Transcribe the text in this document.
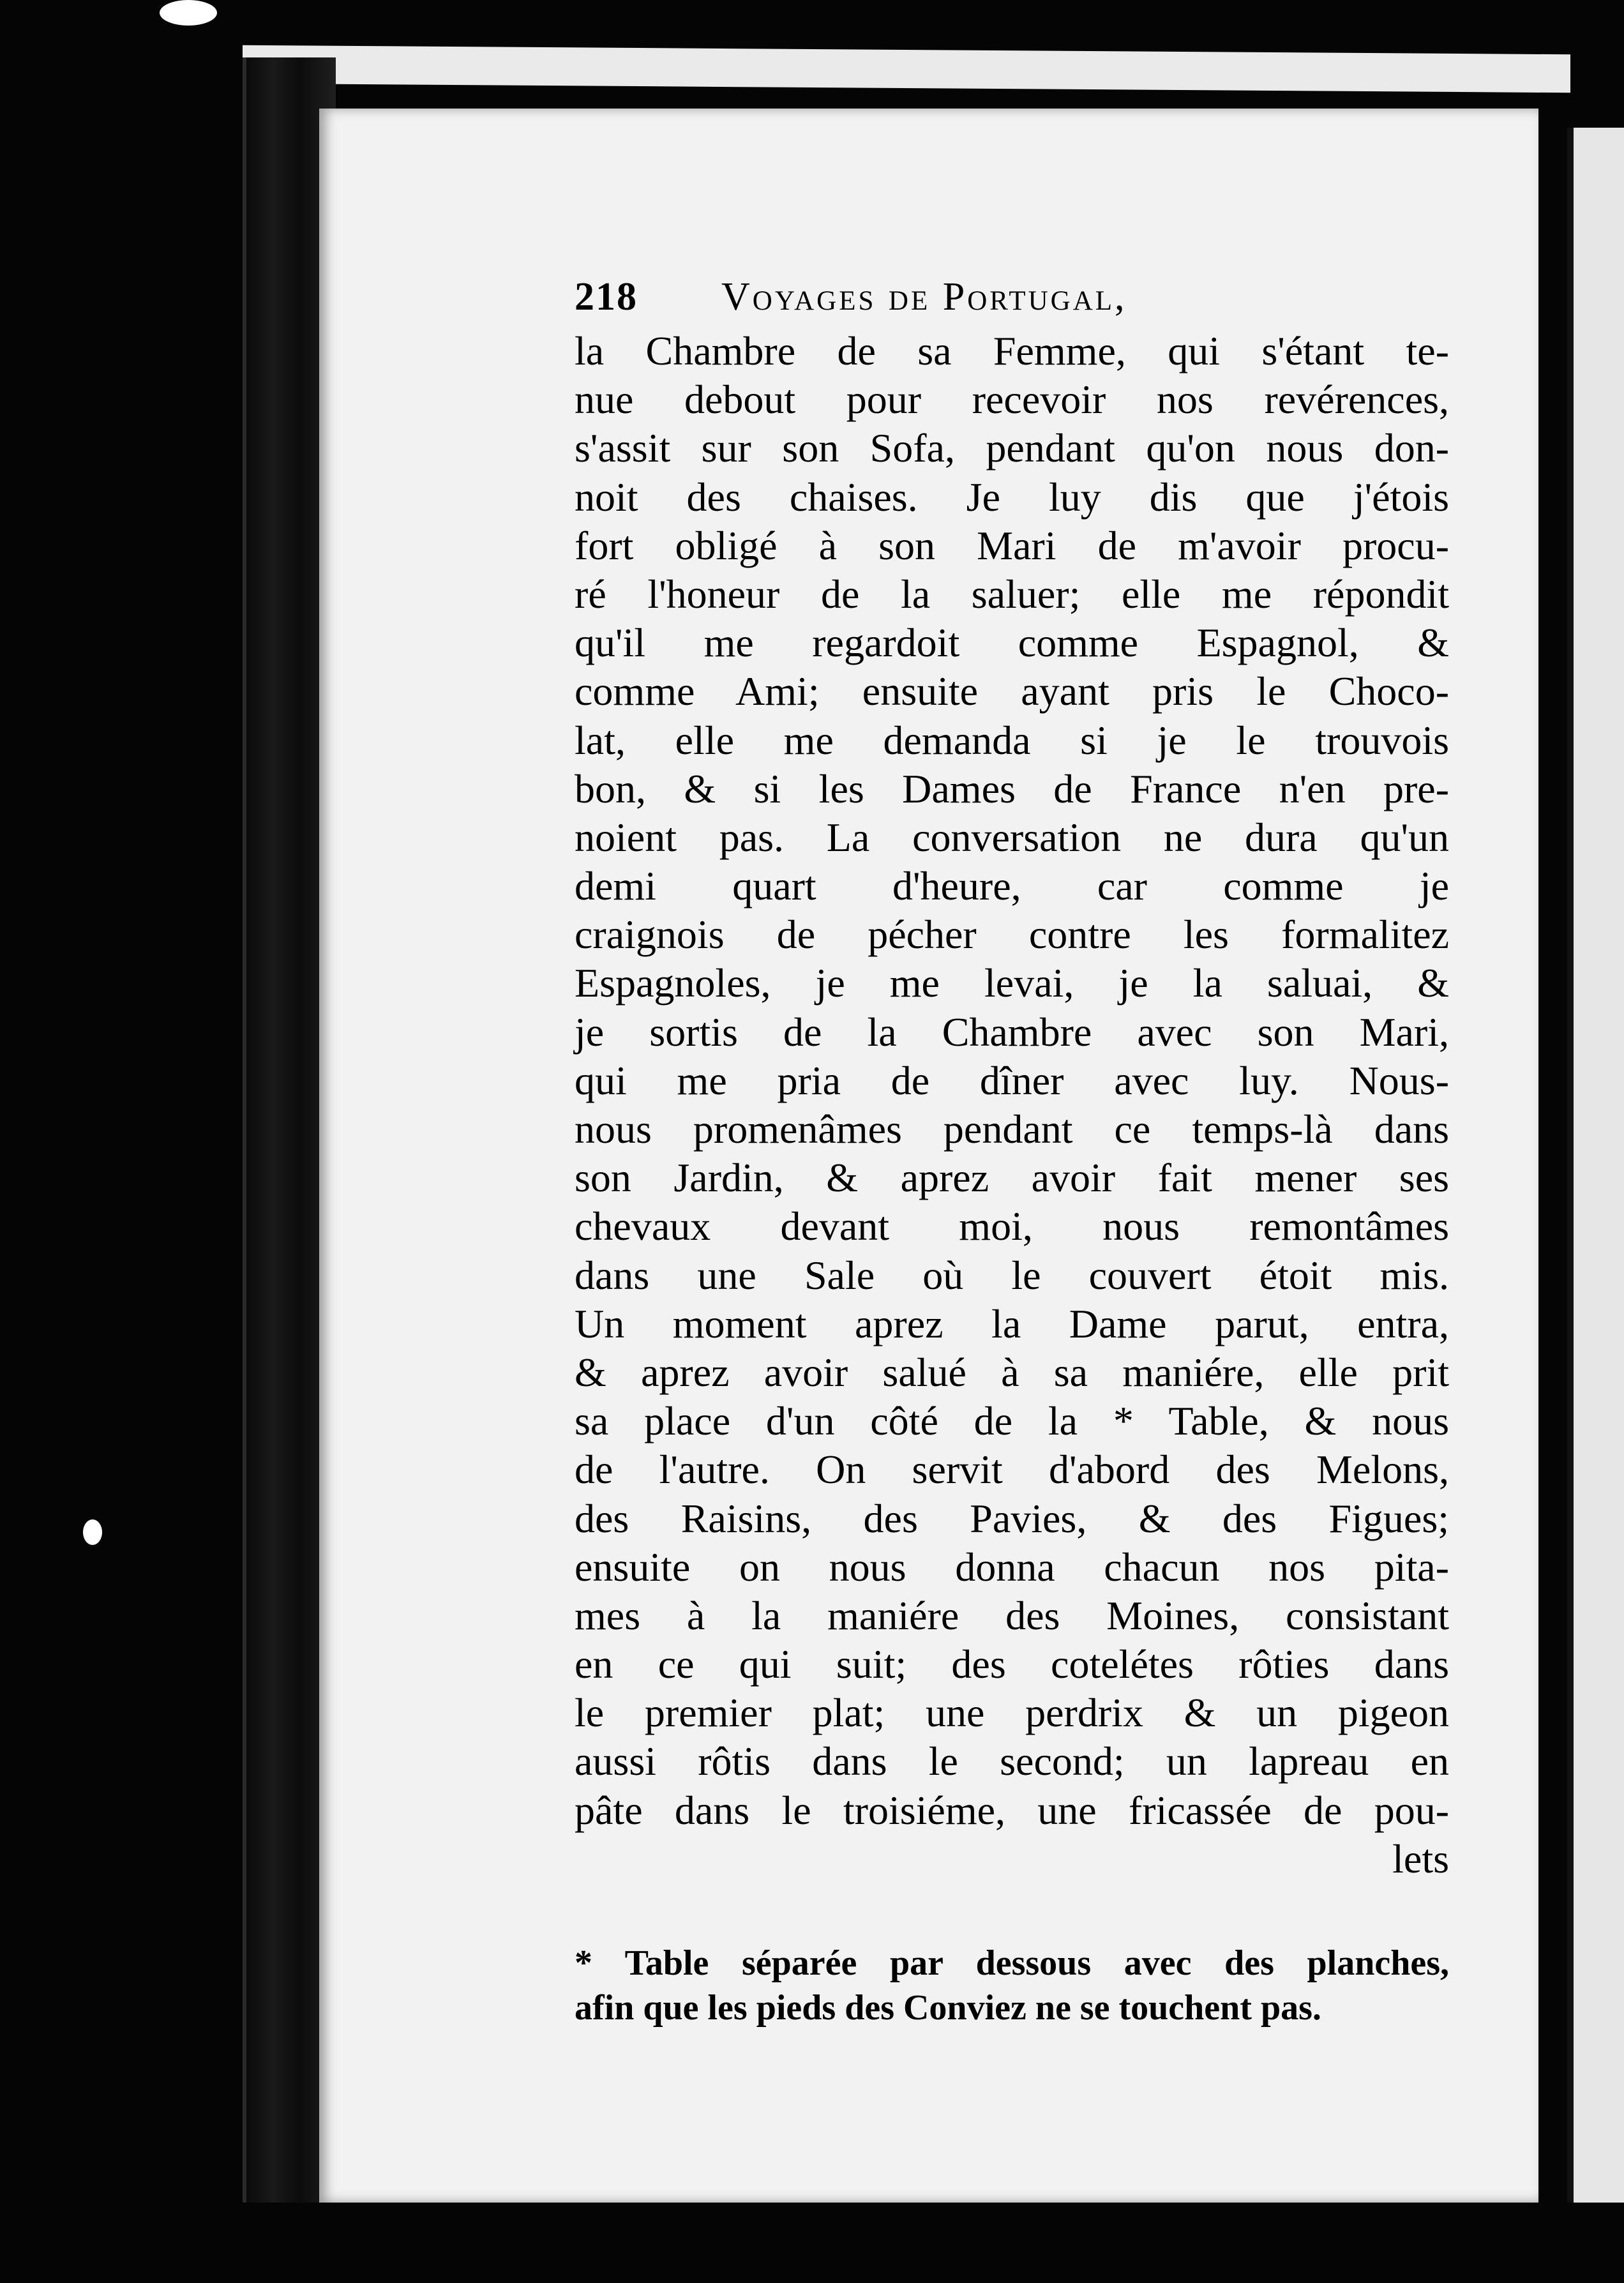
218	Voyages de Portugal,
la Chambre de sa Femme, qui s'étant te-
nue debout pour recevoir nos revérences,
s'assit sur son Sofa, pendant qu'on nous don-
noit des chaises. Je luy dis que j'étois
fort obligé à son Mari de m'avoir procu-
ré l'honeur de la saluer; elle me répondit
qu'il me regardoit comme Espagnol, &
comme Ami; ensuite ayant pris le Choco-
lat, elle me demanda si je le trouvois
bon, & si les Dames de France n'en pre-
noient pas. La conversation ne dura qu'un
demi quart d'heure, car comme je
craignois de pécher contre les formalitez
Espagnoles, je me levai, je la saluai, &
je sortis de la Chambre avec son Mari,
qui me pria de dîner avec luy. Nous-
nous promenâmes pendant ce temps-là dans
son Jardin, & aprez avoir fait mener ses
chevaux devant moi, nous remontâmes
dans une Sale où le couvert étoit mis.
Un moment aprez la Dame parut, entra,
& aprez avoir salué à sa maniére, elle prit
sa place d'un côté de la * Table, & nous
de l'autre. On servit d'abord des Melons,
des Raisins, des Pavies, & des Figues;
ensuite on nous donna chacun nos pita-
mes à la maniére des Moines, consistant
en ce qui suit; des cotelétes rôties dans
le premier plat; une perdrix & un pigeon
aussi rôtis dans le second; un lapreau en
pâte dans le troisiéme, une fricassée de pou-
lets
* Table séparée par dessous avec des planches,
afin que les pieds des Conviez ne se touchent pas.
